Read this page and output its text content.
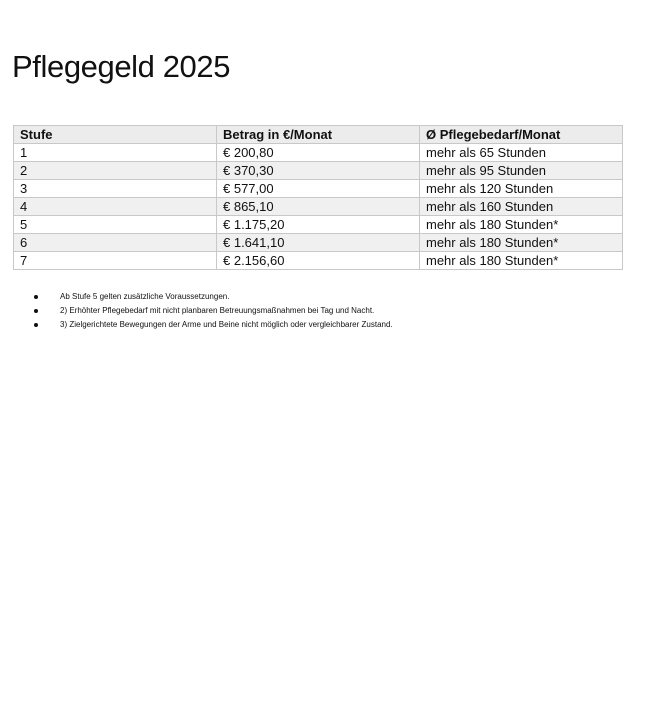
Pflegegeld 2025
Stufe	Betrag in €/Monat	Ø Pflegebedarf/Monat
1	€ 200,80	mehr als 65 Stunden
2	€ 370,30	mehr als 95 Stunden
3	€ 577,00	mehr als 120 Stunden
4	€ 865,10	mehr als 160 Stunden
5	€ 1.175,20	mehr als 180 Stunden*
6	€ 1.641,10	mehr als 180 Stunden*
7	€ 2.156,60	mehr als 180 Stunden*
Ab Stufe 5 gelten zusätzliche Voraussetzungen.
2) Erhöhter Pflegebedarf mit nicht planbaren Betreuungsmaßnahmen bei Tag und Nacht.
3) Zielgerichtete Bewegungen der Arme und Beine nicht möglich oder vergleichbarer Zustand.
